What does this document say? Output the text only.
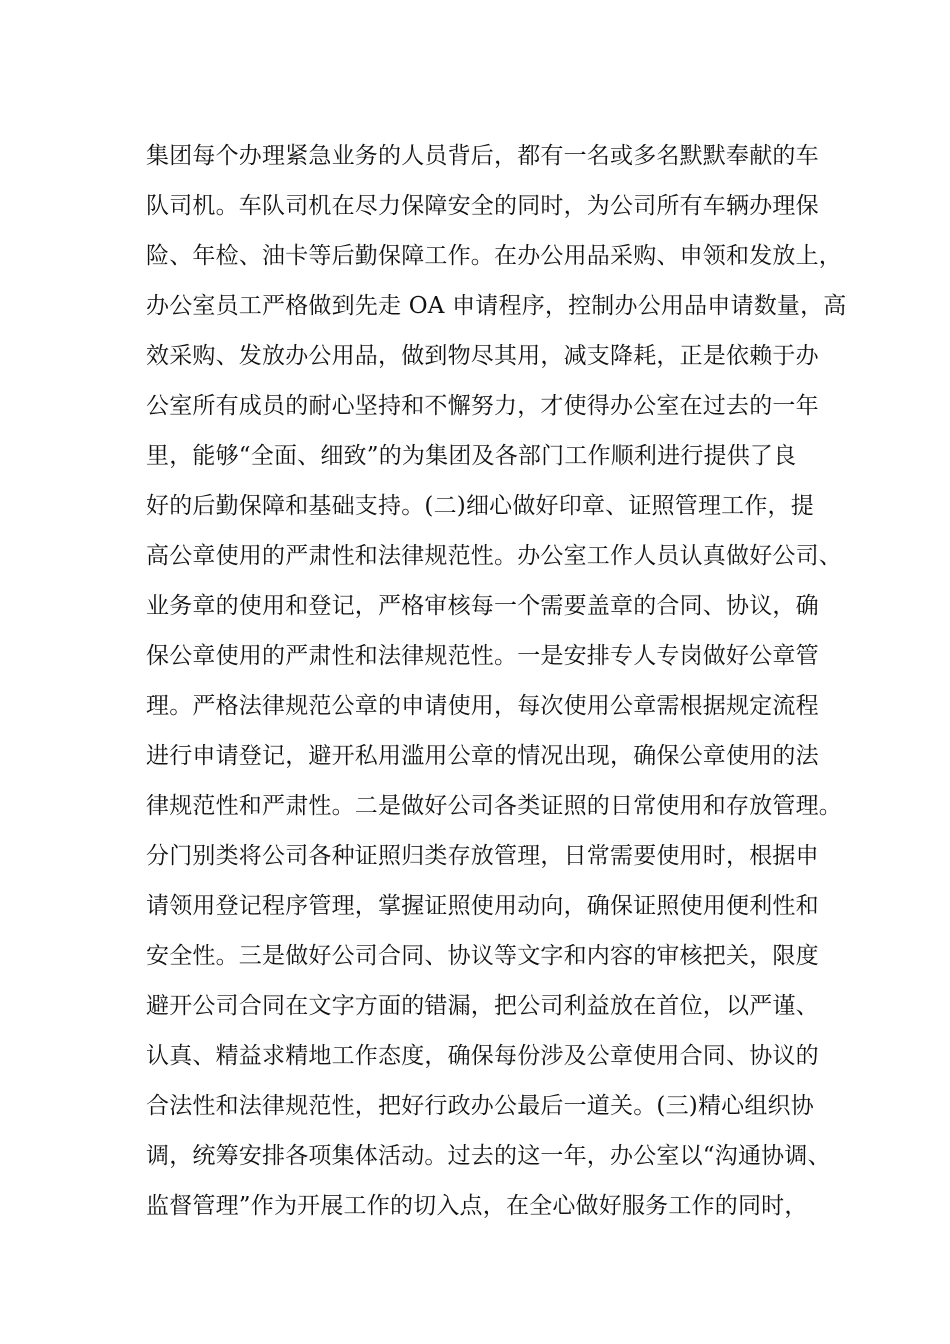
集团每个办理紧急业务的人员背后，都有一名或多名默默奉献的车
队司机。车队司机在尽力保障安全的同时，为公司所有车辆办理保
险、年检、油卡等后勤保障工作。在办公用品采购、申领和发放上，
办公室员工严格做到先走 OA 申请程序，控制办公用品申请数量，高
效采购、发放办公用品，做到物尽其用，减支降耗，正是依赖于办
公室所有成员的耐心坚持和不懈努力，才使得办公室在过去的一年
里，能够“全面、细致”的为集团及各部门工作顺利进行提供了良
好的后勤保障和基础支持。(二)细心做好印章、证照管理工作，提
高公章使用的严肃性和法律规范性。办公室工作人员认真做好公司、
业务章的使用和登记，严格审核每一个需要盖章的合同、协议，确
保公章使用的严肃性和法律规范性。一是安排专人专岗做好公章管
理。严格法律规范公章的申请使用，每次使用公章需根据规定流程
进行申请登记，避开私用滥用公章的情况出现，确保公章使用的法
律规范性和严肃性。二是做好公司各类证照的日常使用和存放管理。
分门别类将公司各种证照归类存放管理，日常需要使用时，根据申
请领用登记程序管理，掌握证照使用动向，确保证照使用便利性和
安全性。三是做好公司合同、协议等文字和内容的审核把关，限度
避开公司合同在文字方面的错漏，把公司利益放在首位，以严谨、
认真、精益求精地工作态度，确保每份涉及公章使用合同、协议的
合法性和法律规范性，把好行政办公最后一道关。(三)精心组织协
调，统筹安排各项集体活动。过去的这一年，办公室以“沟通协调、
监督管理”作为开展工作的切入点，在全心做好服务工作的同时，
